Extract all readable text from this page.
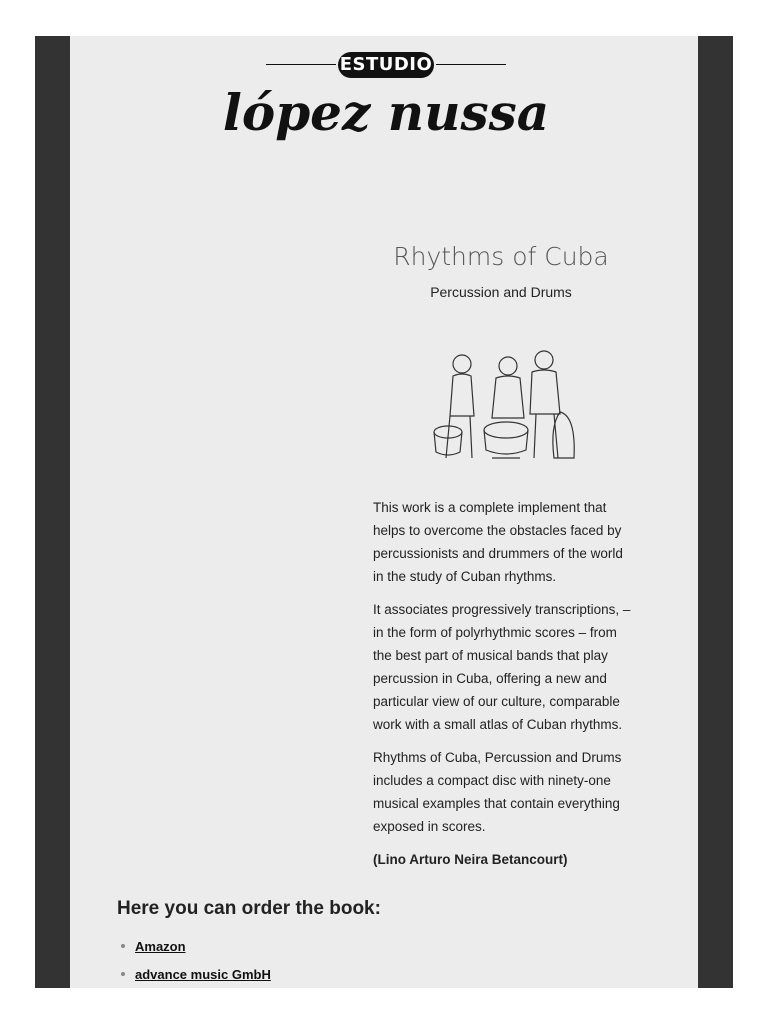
ESTUDIO
lópez nussa
Rhythms of Cuba
Percussion and Drums

This work is a complete implement that helps to overcome the obstacles faced by percussionists and drummers of the world in the study of Cuban rhythms.

It associates progressively transcriptions, – in the form of polyrhythmic scores – from the best part of musical bands that play percussion in Cuba, offering a new and particular view of our culture, comparable work with a small atlas of Cuban rhythms.

Rhythms of Cuba, Percussion and Drums includes a compact disc with ninety-one musical examples that contain everything exposed in scores.

(Lino Arturo Neira Betancourt)

Here you can order the book:
Amazon
advance music GmbH
